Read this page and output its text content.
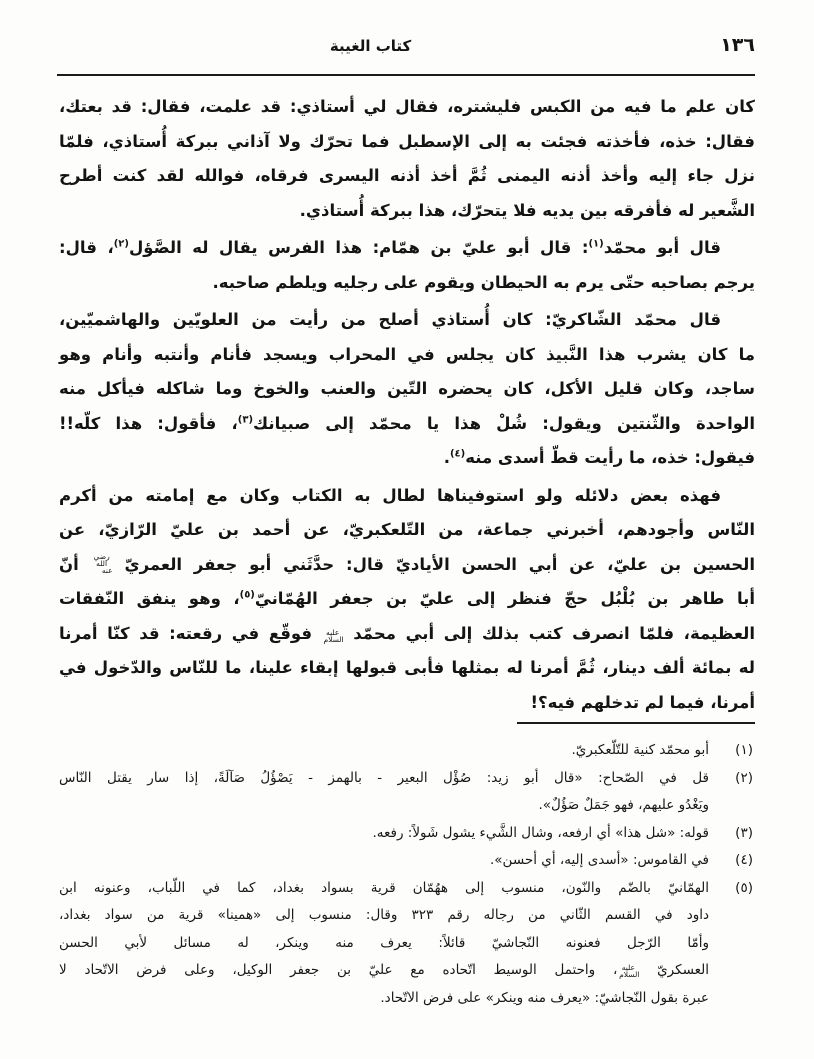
١٣٦
كتاب الغيبة
كان علم ما فيه من الكبس فليشتره، فقال لي أستاذي: قد علمت، فقال: قد بعتك،
فقال: خذه، فأخذته فجئت به إلى الإسطبل فما تحرّك ولا آذاني ببركة أُستاذي، فلمّا
نزل جاء إليه وأخذ أذنه اليمنى ثُمَّ أخذ أذنه اليسرى فرقاه، فوالله لقد كنت أطرح
الشَّعير له فأفرقه بين يديه فلا يتحرّك، هذا ببركة أُستاذي.
قال أبو محمّد$^{(١)}$: قال أبو عليّ بن همّام: هذا الفرس يقال له الصَّؤل$^{(٢)}$، قال:
يرجم بصاحبه حتّى يرم به الحيطان ويقوم على رجليه ويلطم صاحبه.
قال محمّد الشّاكريّ: كان أُستاذي أصلح من رأيت من العلويّين والهاشميّين،
ما كان يشرب هذا النَّبيذ كان يجلس في المحراب ويسجد فأنام وأنتبه وأنام وهو
ساجد، وكان قليل الأكل، كان يحضره التّين والعنب والخوخ وما شاكله فيأكل منه
الواحدة والثّنتين ويقول: شُلْ هذا يا محمّد إلى صبيانك$^{(٣)}$، فأقول: هذا كلّه!!
فيقول: خذه، ما رأيت قطّ أسدى منه$^{(٤)}$.
فهذه بعض دلائله ولو استوفيناها لطال به الكتاب وكان مع إمامته من أكرم
النّاس وأجودهم، أخبرني جماعة، من التّلعكبريّ، عن أحمد بن عليّ الرّازيّ، عن
الحسين بن عليّ، عن أبي الحسن الأياديّ قال: حدَّثَني أبو جعفر العمريّ رضي الله عنه أنّ
أبا طاهر بن بُلْبُل حجّ فنظر إلى عليّ بن جعفر الهُمّانيّ$^{(٥)}$، وهو ينفق النّفقات
العظيمة، فلمّا انصرف كتب بذلك إلى أبي محمّد عليه السلام فوقّع في رقعته: قد كنّا أمرنا
له بمائة ألف دينار، ثُمَّ أمرنا له بمثلها فأبى قبولها إبقاء علينا، ما للنّاس والدّخول في
أمرنا، فيما لم تدخلهم فيه؟!
(١)
أبو محمّد كنية للتّلّعكبريّ.
(٢)
قل في الصّحاح: «قال أبو زيد: صُؤْل البعير - بالهمز - يَصْؤُلُ صَآلَةً، إذا سار يقتل النّاس
ويَغْدُو عليهم، فهو جَمَلٌ صَؤُلٌ».
(٣)
قوله: «شل هذا» أي ارفعه، وشال الشَّيء يشول شَولاً: رفعه.
(٤)
في القاموس: «أسدى إليه، أي أحسن».
(٥)
الهمّانيّ بالضّم والنّون، منسوب إلى ههُمّان قرية بسواد بغداد، كما في اللّباب، وعنونه ابن
داود في القسم الثّاني من رجاله رقم ٣٢٣ وقال: منسوب إلى «همينا» قرية من سواد بغداد،
وأمّا الرّجل فعنونه النّجاشيّ قائلاً: يعرف منه وينكر، له مسائل لأبي الحسن
العسكريّ عليه السلام، واحتمل الوسيط اتّحاده مع عليّ بن جعفر الوكيل، وعلى فرض الاتّحاد لا
عبرة بقول النّجاشيّ: «يعرف منه وينكر» على فرض الاتّحاد.
